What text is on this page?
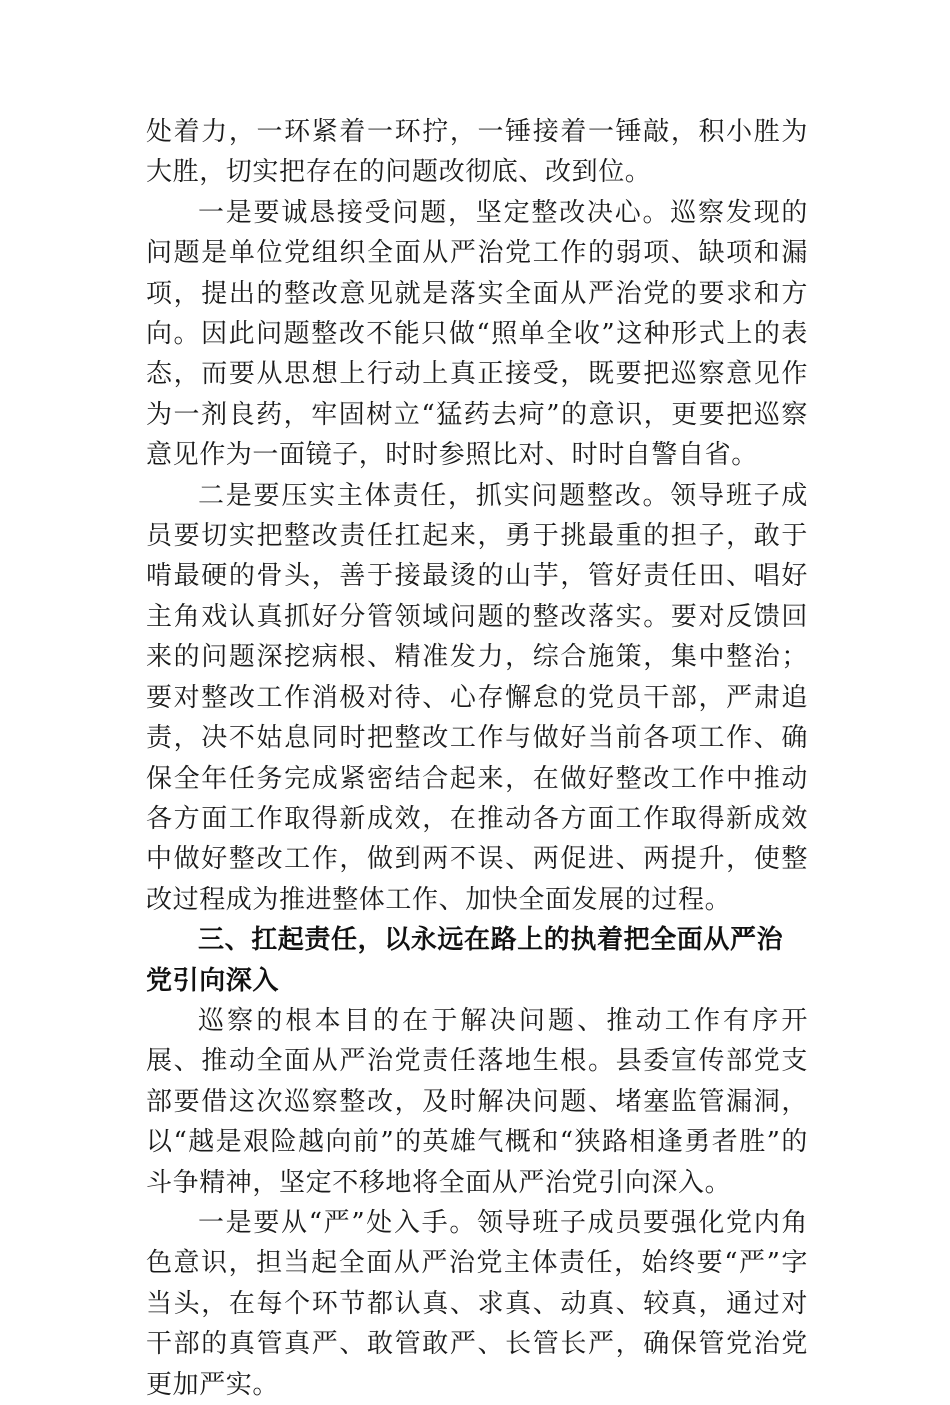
处着力，一环紧着一环拧，一锤接着一锤敲，积小胜为大胜，切实把存在的问题改彻底、改到位。

一是要诚恳接受问题，坚定整改决心。巡察发现的问题是单位党组织全面从严治党工作的弱项、缺项和漏项，提出的整改意见就是落实全面从严治党的要求和方向。因此问题整改不能只做“照单全收”这种形式上的表态，而要从思想上行动上真正接受，既要把巡察意见作为一剂良药，牢固树立“猛药去疴”的意识，更要把巡察意见作为一面镜子，时时参照比对、时时自警自省。

二是要压实主体责任，抓实问题整改。领导班子成员要切实把整改责任扛起来，勇于挑最重的担子，敢于啃最硬的骨头，善于接最烫的山芋，管好责任田、唱好主角戏认真抓好分管领域问题的整改落实。要对反馈回来的问题深挖病根、精准发力，综合施策，集中整治；要对整改工作消极对待、心存懈怠的党员干部，严肃追责，决不姑息同时把整改工作与做好当前各项工作、确保全年任务完成紧密结合起来，在做好整改工作中推动各方面工作取得新成效，在推动各方面工作取得新成效中做好整改工作，做到两不误、两促进、两提升，使整改过程成为推进整体工作、加快全面发展的过程。

三、扛起责任，以永远在路上的执着把全面从严治党引向深入

巡察的根本目的在于解决问题、推动工作有序开展、推动全面从严治党责任落地生根。县委宣传部党支部要借这次巡察整改，及时解决问题、堵塞监管漏洞，以“越是艰险越向前”的英雄气概和“狭路相逢勇者胜”的斗争精神，坚定不移地将全面从严治党引向深入。

一是要从“严”处入手。领导班子成员要强化党内角色意识，担当起全面从严治党主体责任，始终要“严”字当头，在每个环节都认真、求真、动真、较真，通过对干部的真管真严、敢管敢严、长管长严，确保管党治党更加严实。
